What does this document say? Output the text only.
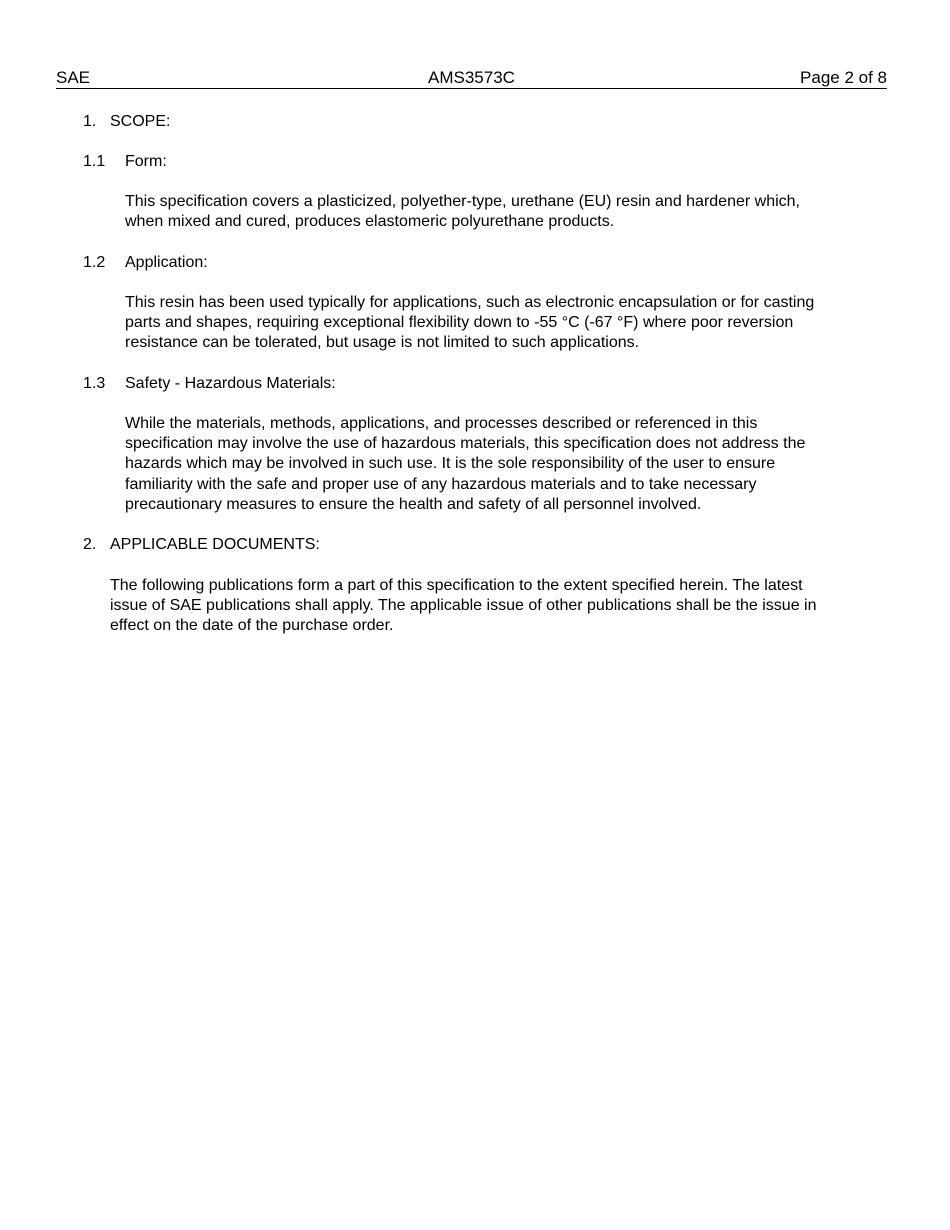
SAE	AMS3573C	Page 2 of 8
1. SCOPE:
1.1 Form:
This specification covers a plasticized, polyether-type, urethane (EU) resin and hardener which,
when mixed and cured, produces elastomeric polyurethane products.
1.2 Application:
This resin has been used typically for applications, such as electronic encapsulation or for casting
parts and shapes, requiring exceptional flexibility down to -55 °C (-67 °F) where poor reversion
resistance can be tolerated, but usage is not limited to such applications.
1.3 Safety - Hazardous Materials:
While the materials, methods, applications, and processes described or referenced in this
specification may involve the use of hazardous materials, this specification does not address the
hazards which may be involved in such use. It is the sole responsibility of the user to ensure
familiarity with the safe and proper use of any hazardous materials and to take necessary
precautionary measures to ensure the health and safety of all personnel involved.
2. APPLICABLE DOCUMENTS:
The following publications form a part of this specification to the extent specified herein. The latest
issue of SAE publications shall apply. The applicable issue of other publications shall be the issue in
effect on the date of the purchase order.
